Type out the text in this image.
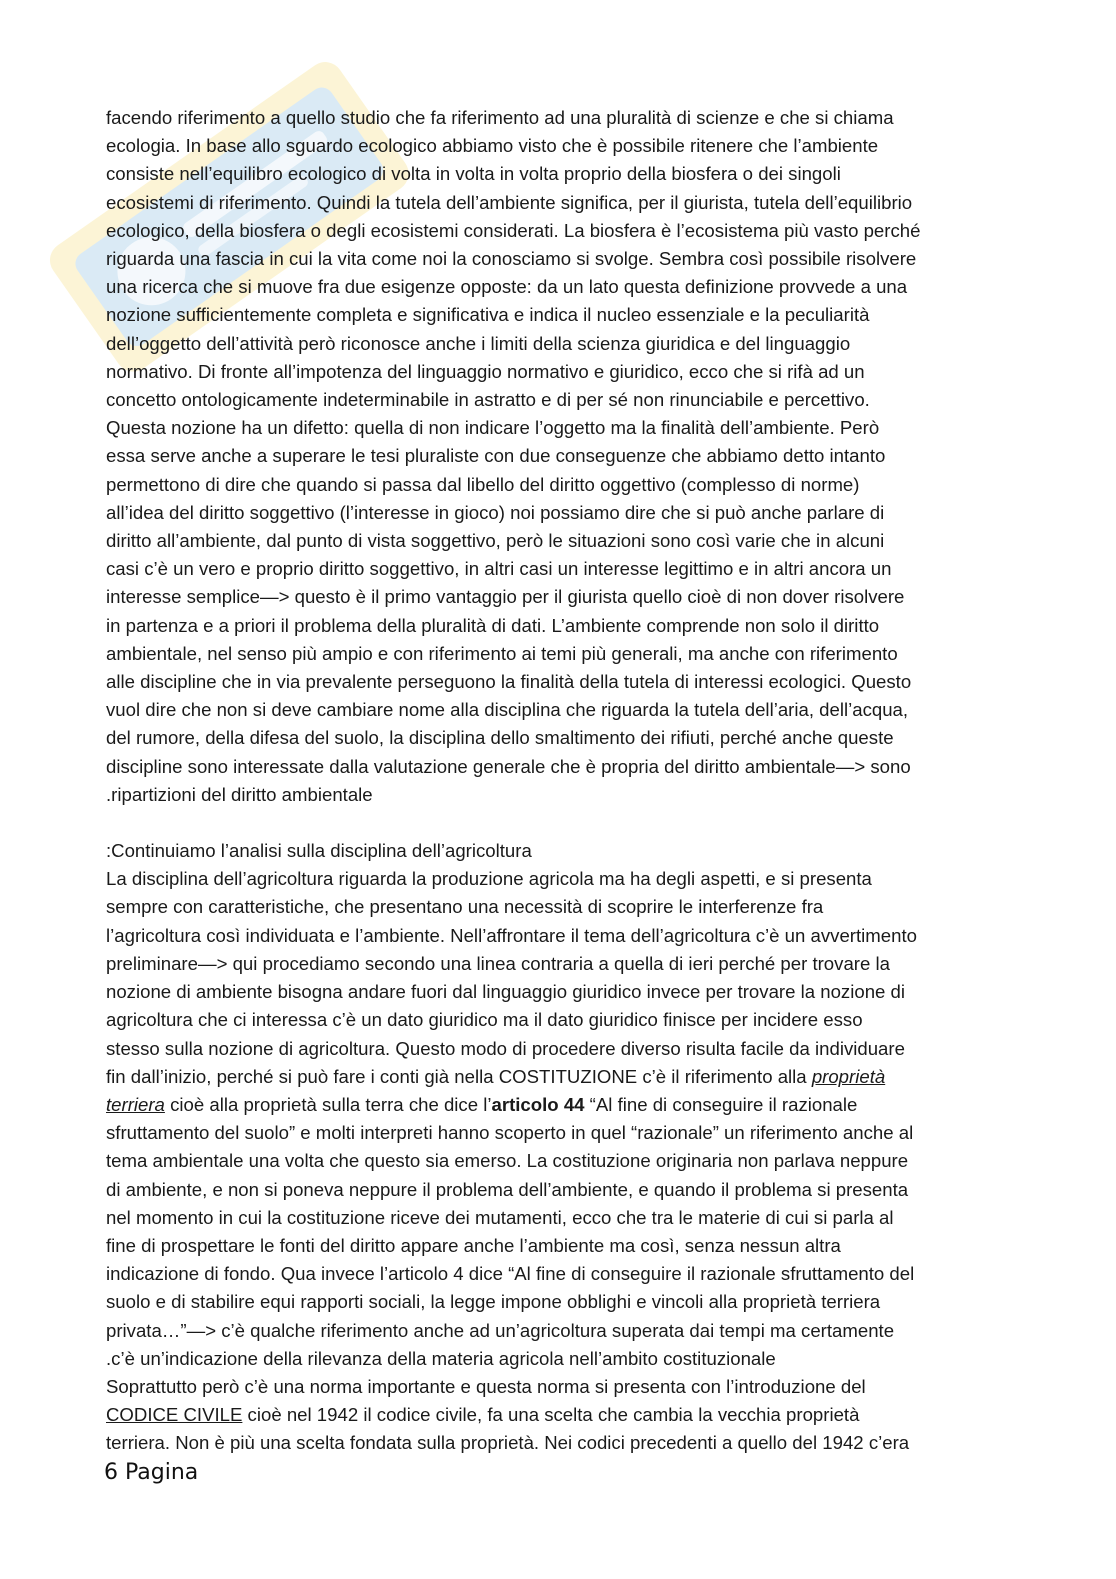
facendo riferimento a quello studio che fa riferimento ad una pluralità di scienze e che si chiama
ecologia. In base allo sguardo ecologico abbiamo visto che è possibile ritenere che l’ambiente
consiste nell’equilibro ecologico di volta in volta in volta proprio della biosfera o dei singoli
ecosistemi di riferimento. Quindi la tutela dell’ambiente significa, per il giurista, tutela dell’equilibrio
ecologico, della biosfera o degli ecosistemi considerati. La biosfera è l’ecosistema più vasto perché
riguarda una fascia in cui la vita come noi la conosciamo si svolge. Sembra così possibile risolvere
una ricerca che si muove fra due esigenze opposte: da un lato questa definizione provvede a una
nozione sufficientemente completa e significativa e indica il nucleo essenziale e la peculiarità
dell’oggetto dell’attività però riconosce anche i limiti della scienza giuridica e del linguaggio
normativo. Di fronte all’impotenza del linguaggio normativo e giuridico, ecco che si rifà ad un
concetto ontologicamente indeterminabile in astratto e di per sé non rinunciabile e percettivo.
Questa nozione ha un difetto: quella di non indicare l’oggetto ma la finalità dell’ambiente. Però
essa serve anche a superare le tesi pluraliste con due conseguenze che abbiamo detto intanto
permettono di dire che quando si passa dal libello del diritto oggettivo (complesso di norme)
all’idea del diritto soggettivo (l’interesse in gioco) noi possiamo dire che si può anche parlare di
diritto all’ambiente, dal punto di vista soggettivo, però le situazioni sono così varie che in alcuni
casi c’è un vero e proprio diritto soggettivo, in altri casi un interesse legittimo e in altri ancora un
interesse semplice—> questo è il primo vantaggio per il giurista quello cioè di non dover risolvere
in partenza e a priori il problema della pluralità di dati. L’ambiente comprende non solo il diritto
ambientale, nel senso più ampio e con riferimento ai temi più generali, ma anche con riferimento
alle discipline che in via prevalente perseguono la finalità della tutela di interessi ecologici. Questo
vuol dire che non si deve cambiare nome alla disciplina che riguarda la tutela dell’aria, dell’acqua,
del rumore, della difesa del suolo, la disciplina dello smaltimento dei rifiuti, perché anche queste
discipline sono interessate dalla valutazione generale che è propria del diritto ambientale—> sono
.ripartizioni del diritto ambientale

:Continuiamo l’analisi sulla disciplina dell’agricoltura

La disciplina dell’agricoltura riguarda la produzione agricola ma ha degli aspetti, e si presenta
sempre con caratteristiche, che presentano una necessità di scoprire le interferenze fra
l’agricoltura così individuata e l’ambiente. Nell’affrontare il tema dell’agricoltura c’è un avvertimento
preliminare—> qui procediamo secondo una linea contraria a quella di ieri perché per trovare la
nozione di ambiente bisogna andare fuori dal linguaggio giuridico invece per trovare la nozione di
agricoltura che ci interessa c’è un dato giuridico ma il dato giuridico finisce per incidere esso
stesso sulla nozione di agricoltura. Questo modo di procedere diverso risulta facile da individuare
fin dall’inizio, perché si può fare i conti già nella COSTITUZIONE c’è il riferimento alla proprietà
terriera cioè alla proprietà sulla terra che dice l’articolo 44 “Al fine di conseguire il razionale
sfruttamento del suolo” e molti interpreti hanno scoperto in quel “razionale” un riferimento anche al
tema ambientale una volta che questo sia emerso. La costituzione originaria non parlava neppure
di ambiente, e non si poneva neppure il problema dell’ambiente, e quando il problema si presenta
nel momento in cui la costituzione riceve dei mutamenti, ecco che tra le materie di cui si parla al
fine di prospettare le fonti del diritto appare anche l’ambiente ma così, senza nessun altra
indicazione di fondo. Qua invece l’articolo 4 dice “Al fine di conseguire il razionale sfruttamento del
suolo e di stabilire equi rapporti sociali, la legge impone obblighi e vincoli alla proprietà terriera
privata…”—> c’è qualche riferimento anche ad un’agricoltura superata dai tempi ma certamente
.c’è un’indicazione della rilevanza della materia agricola nell’ambito costituzionale

Soprattutto però c’è una norma importante e questa norma si presenta con l’introduzione del
CODICE CIVILE cioè nel 1942 il codice civile, fa una scelta che cambia la vecchia proprietà
terriera. Non è più una scelta fondata sulla proprietà. Nei codici precedenti a quello del 1942 c’era

6 Pagina
